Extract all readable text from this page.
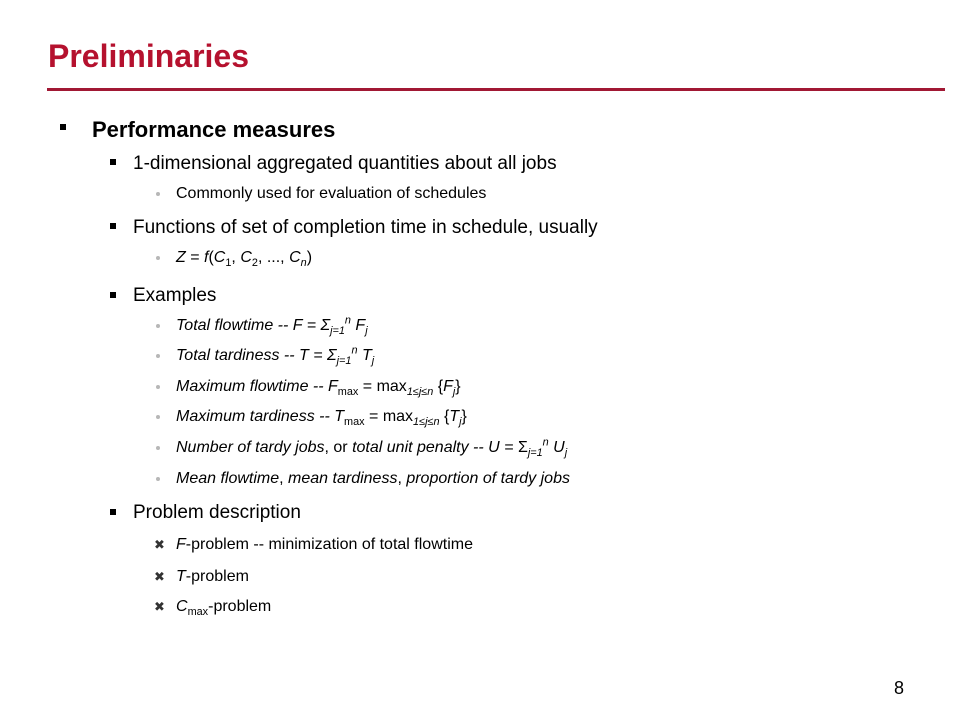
Preliminaries
Performance measures
1-dimensional aggregated quantities about all jobs
Commonly used for evaluation of schedules
Functions of set of completion time in schedule, usually
$Z = f(C_1$, $C_2$, ..., $C_n$)
Examples
Total flowtime -- $F = \Sigma_{j=1}^n$ $F_j$
Total tardiness -- $T = \Sigma_{j=1}^n$ $T_j$
Maximum flowtime -- $F_{max} = \max_{1\le j\le n} \{F_j\}$
Maximum tardiness -- $T_{max} = \max_{1\le j\le n} \{T_j\}$
Number of tardy jobs, or total unit penalty -- $U = \Sigma_{j=1}^n$ $U_j$
Mean flowtime, mean tardiness, proportion of tardy jobs
Problem description
✖ F-problem -- minimization of total flowtime
✖ T-problem
✖ $C_{max}$-problem
8
